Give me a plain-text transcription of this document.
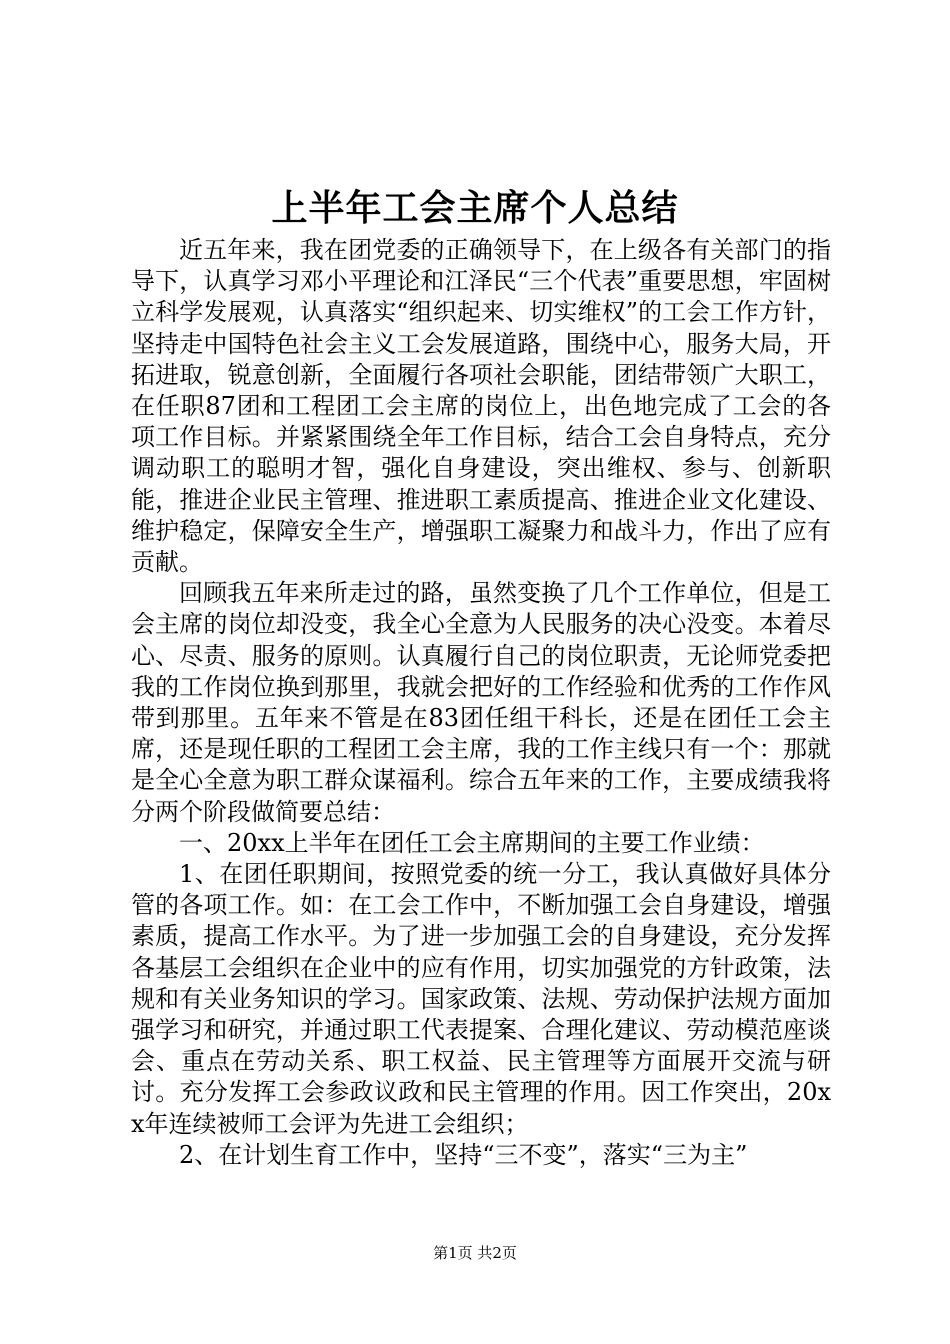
上半年工会主席个人总结

近五年来，我在团党委的正确领导下，在上级各有关部门的指导下，认真学习邓小平理论和江泽民“三个代表”重要思想，牢固树立科学发展观，认真落实“组织起来、切实维权”的工会工作方针，坚持走中国特色社会主义工会发展道路，围绕中心，服务大局，开拓进取，锐意创新，全面履行各项社会职能，团结带领广大职工，在任职87团和工程团工会主席的岗位上，出色地完成了工会的各项工作目标。并紧紧围绕全年工作目标，结合工会自身特点，充分调动职工的聪明才智，强化自身建设，突出维权、参与、创新职能，推进企业民主管理、推进职工素质提高、推进企业文化建设、维护稳定，保障安全生产，增强职工凝聚力和战斗力，作出了应有贡献。

回顾我五年来所走过的路，虽然变换了几个工作单位，但是工会主席的岗位却没变，我全心全意为人民服务的决心没变。本着尽心、尽责、服务的原则。认真履行自己的岗位职责，无论师党委把我的工作岗位换到那里，我就会把好的工作经验和优秀的工作作风带到那里。五年来不管是在83团任组干科长，还是在团任工会主席，还是现任职的工程团工会主席，我的工作主线只有一个：那就是全心全意为职工群众谋福利。综合五年来的工作，主要成绩我将分两个阶段做简要总结：

一、20xx上半年在团任工会主席期间的主要工作业绩：

1、在团任职期间，按照党委的统一分工，我认真做好具体分管的各项工作。如：在工会工作中，不断加强工会自身建设，增强素质，提高工作水平。为了进一步加强工会的自身建设，充分发挥各基层工会组织在企业中的应有作用，切实加强党的方针政策，法规和有关业务知识的学习。国家政策、法规、劳动保护法规方面加强学习和研究，并通过职工代表提案、合理化建议、劳动模范座谈会、重点在劳动关系、职工权益、民主管理等方面展开交流与研讨。充分发挥工会参政议政和民主管理的作用。因工作突出，20xx年连续被师工会评为先进工会组织；

2、在计划生育工作中，坚持“三不变”，落实“三为主”

第1页 共2页
